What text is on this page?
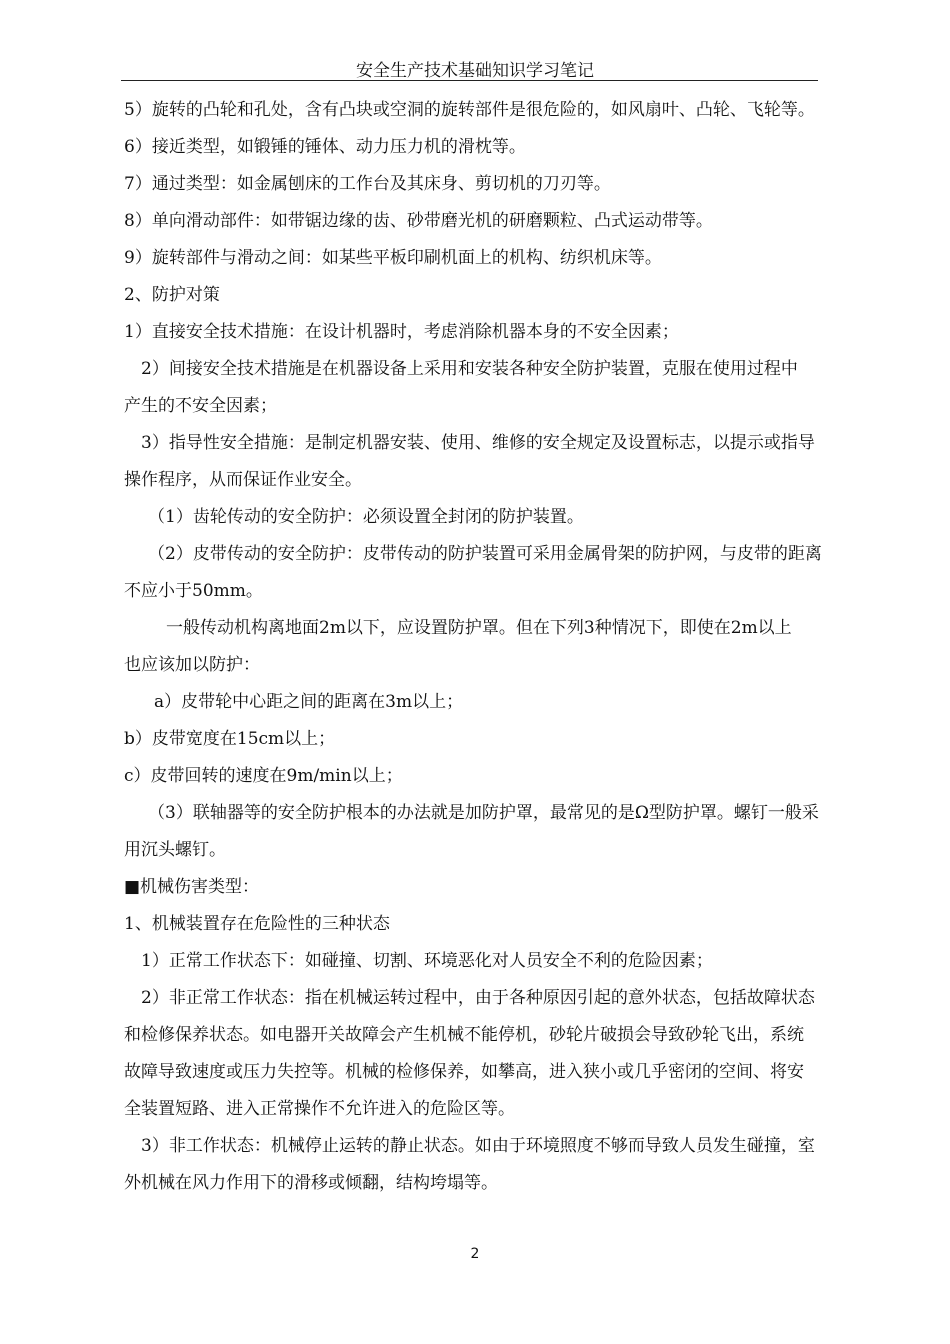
安全生产技术基础知识学习笔记
5）旋转的凸轮和孔处，含有凸块或空洞的旋转部件是很危险的，如风扇叶、凸轮、飞轮等。
6）接近类型，如锻锤的锤体、动力压力机的滑枕等。
7）通过类型：如金属刨床的工作台及其床身、剪切机的刀刃等。
8）单向滑动部件：如带锯边缘的齿、砂带磨光机的研磨颗粒、凸式运动带等。
9）旋转部件与滑动之间：如某些平板印刷机面上的机构、纺织机床等。
2、防护对策
1）直接安全技术措施：在设计机器时，考虑消除机器本身的不安全因素；
2）间接安全技术措施是在机器设备上采用和安装各种安全防护装置，克服在使用过程中
产生的不安全因素；
3）指导性安全措施：是制定机器安装、使用、维修的安全规定及设置标志，以提示或指导
操作程序，从而保证作业安全。
（1）齿轮传动的安全防护：必须设置全封闭的防护装置。
（2）皮带传动的安全防护：皮带传动的防护装置可采用金属骨架的防护网，与皮带的距离
不应小于50mm。
一般传动机构离地面2m以下，应设置防护罩。但在下列3种情况下，即使在2m以上
也应该加以防护：
a）皮带轮中心距之间的距离在3m以上；
b）皮带宽度在15cm以上；
c）皮带回转的速度在9m/min以上；
（3）联轴器等的安全防护根本的办法就是加防护罩，最常见的是Ω型防护罩。螺钉一般采
用沉头螺钉。
■机械伤害类型：
1、机械装置存在危险性的三种状态
1）正常工作状态下：如碰撞、切割、环境恶化对人员安全不利的危险因素；
2）非正常工作状态：指在机械运转过程中，由于各种原因引起的意外状态，包括故障状态
和检修保养状态。如电器开关故障会产生机械不能停机，砂轮片破损会导致砂轮飞出，系统
故障导致速度或压力失控等。机械的检修保养，如攀高，进入狭小或几乎密闭的空间、将安
全装置短路、进入正常操作不允许进入的危险区等。
3）非工作状态：机械停止运转的静止状态。如由于环境照度不够而导致人员发生碰撞，室
外机械在风力作用下的滑移或倾翻，结构垮塌等。
2
